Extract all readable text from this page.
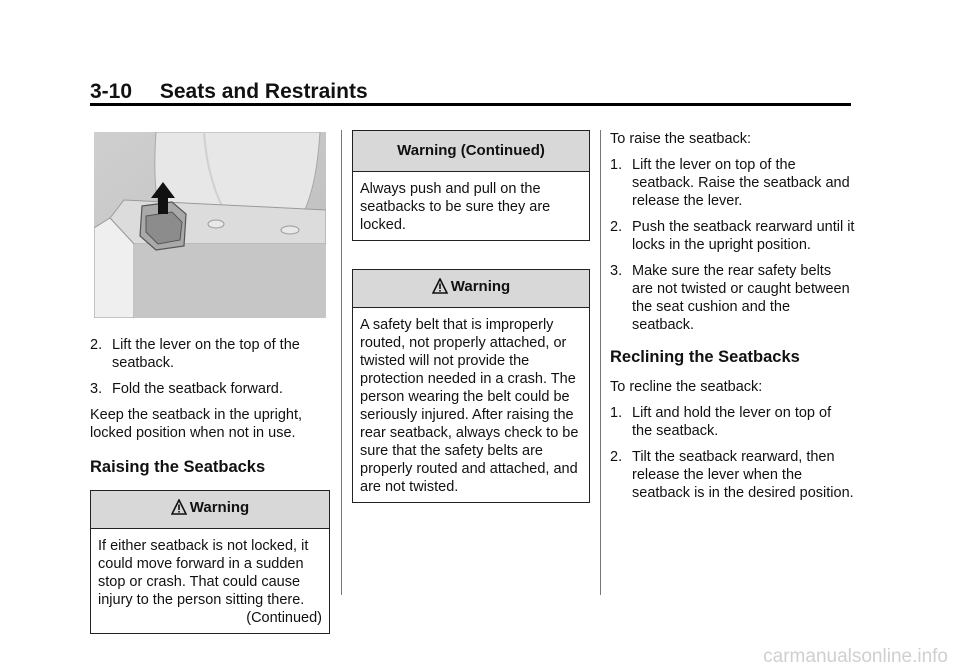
3-10 Seats and Restraints
2. Lift the lever on the top of the seatback.
3. Fold the seatback forward.

Keep the seatback in the upright, locked position when not in use.

Raising the Seatbacks
Warning
If either seatback is not locked, it could move forward in a sudden stop or crash. That could cause injury to the person sitting there.
(Continued)
Warning (Continued)
Always push and pull on the seatbacks to be sure they are locked.
Warning
A safety belt that is improperly routed, not properly attached, or twisted will not provide the protection needed in a crash. The person wearing the belt could be seriously injured. After raising the rear seatback, always check to be sure that the safety belts are properly routed and attached, and are not twisted.

To raise the seatback:

1. Lift the lever on top of the seatback. Raise the seatback and release the lever.
2. Push the seatback rearward until it locks in the upright position.
3. Make sure the rear safety belts are not twisted or caught between the seat cushion and the seatback.
Reclining the Seatbacks

To recline the seatback:

1. Lift and hold the lever on top of the seatback.
2. Tilt the seatback rearward, then release the lever when the seatback is in the desired position.
carmanualsonline.info
